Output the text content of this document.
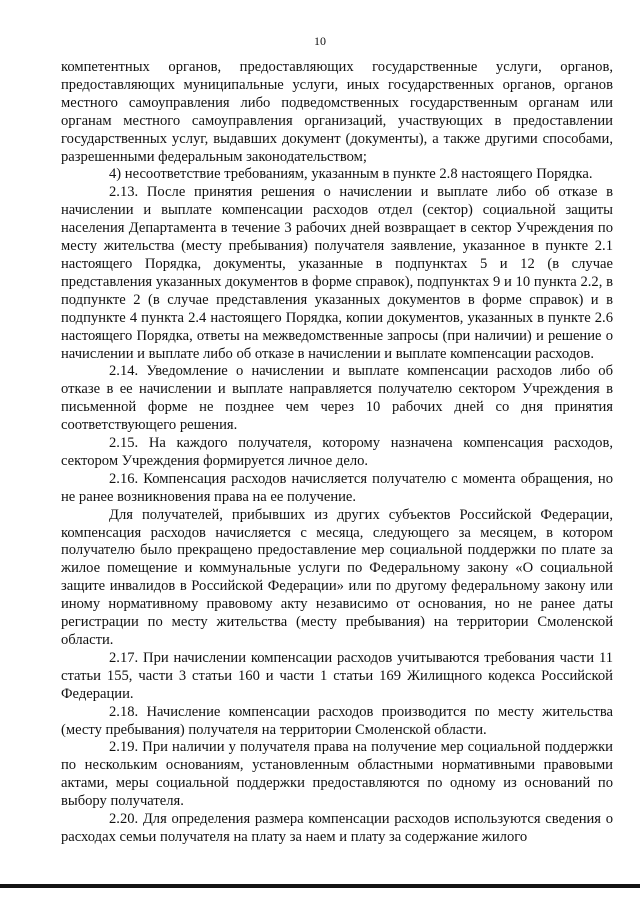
10

компетентных органов, предоставляющих государственные услуги, органов, предоставляющих муниципальные услуги, иных государственных органов, органов местного самоуправления либо подведомственных государственным органам или органам местного самоуправления организаций, участвующих в предоставлении государственных услуг, выдавших документ (документы), а также другими способами, разрешенными федеральным законодательством;

4) несоответствие требованиям, указанным в пункте 2.8 настоящего Порядка.

2.13. После принятия решения о начислении и выплате либо об отказе в начислении и выплате компенсации расходов отдел (сектор) социальной защиты населения Департамента в течение 3 рабочих дней возвращает в сектор Учреждения по месту жительства (месту пребывания) получателя заявление, указанное в пункте 2.1 настоящего Порядка, документы, указанные в подпунктах 5 и 12 (в случае представления указанных документов в форме справок), подпунктах 9 и 10 пункта 2.2, в подпункте 2 (в случае представления указанных документов в форме справок) и в подпункте 4 пункта 2.4 настоящего Порядка, копии документов, указанных в пункте 2.6 настоящего Порядка, ответы на межведомственные запросы (при наличии) и решение о начислении и выплате либо об отказе в начислении и выплате компенсации расходов.

2.14. Уведомление о начислении и выплате компенсации расходов либо об отказе в ее начислении и выплате направляется получателю сектором Учреждения в письменной форме не позднее чем через 10 рабочих дней со дня принятия соответствующего решения.

2.15. На каждого получателя, которому назначена компенсация расходов, сектором Учреждения формируется личное дело.

2.16. Компенсация расходов начисляется получателю с момента обращения, но не ранее возникновения права на ее получение.

Для получателей, прибывших из других субъектов Российской Федерации, компенсация расходов начисляется с месяца, следующего за месяцем, в котором получателю было прекращено предоставление мер социальной поддержки по плате за жилое помещение и коммунальные услуги по Федеральному закону «О социальной защите инвалидов в Российской Федерации» или по другому федеральному закону или иному нормативному правовому акту независимо от основания, но не ранее даты регистрации по месту жительства (месту пребывания) на территории Смоленской области.

2.17. При начислении компенсации расходов учитываются требования части 11 статьи 155, части 3 статьи 160 и части 1 статьи 169 Жилищного кодекса Российской Федерации.

2.18. Начисление компенсации расходов производится по месту жительства (месту пребывания) получателя на территории Смоленской области.

2.19. При наличии у получателя права на получение мер социальной поддержки по нескольким основаниям, установленным областными нормативными правовыми актами, меры социальной поддержки предоставляются по одному из оснований по выбору получателя.

2.20. Для определения размера компенсации расходов используются сведения о расходах семьи получателя на плату за наем и плату за содержание жилого
